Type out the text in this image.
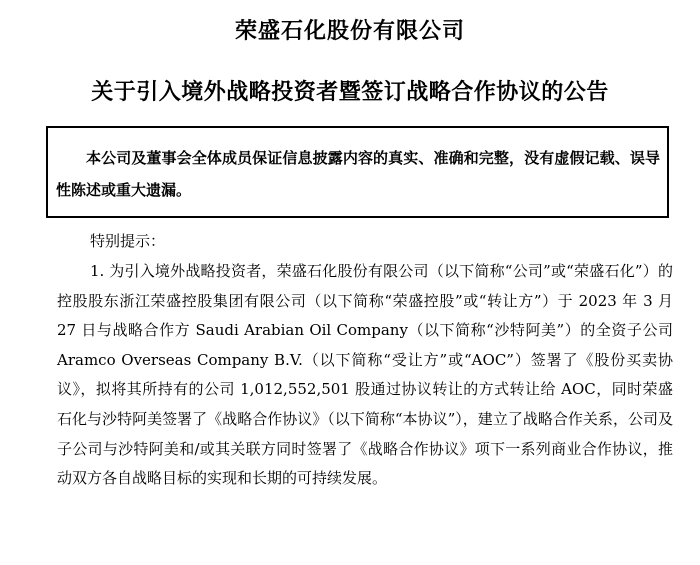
荣盛石化股份有限公司
关于引入境外战略投资者暨签订战略合作协议的公告

本公司及董事会全体成员保证信息披露内容的真实、准确和完整，没有虚假记载、误导性陈述或重大遗漏。

特别提示：

1. 为引入境外战略投资者，荣盛石化股份有限公司（以下简称“公司”或“荣盛石化”）的控股股东浙江荣盛控股集团有限公司（以下简称“荣盛控股”或“转让方”）于 2023 年 3 月 27 日与战略合作方 Saudi Arabian Oil Company（以下简称“沙特阿美”）的全资子公司 Aramco Overseas Company B.V.（以下简称“受让方”或“AOC”）签署了《股份买卖协议》，拟将其所持有的公司 1,012,552,501 股通过协议转让的方式转让给 AOC，同时荣盛石化与沙特阿美签署了《战略合作协议》（以下简称“本协议”），建立了战略合作关系，公司及子公司与沙特阿美和/或其关联方同时签署了《战略合作协议》项下一系列商业合作协议，推动双方各自战略目标的实现和长期的可持续发展。
